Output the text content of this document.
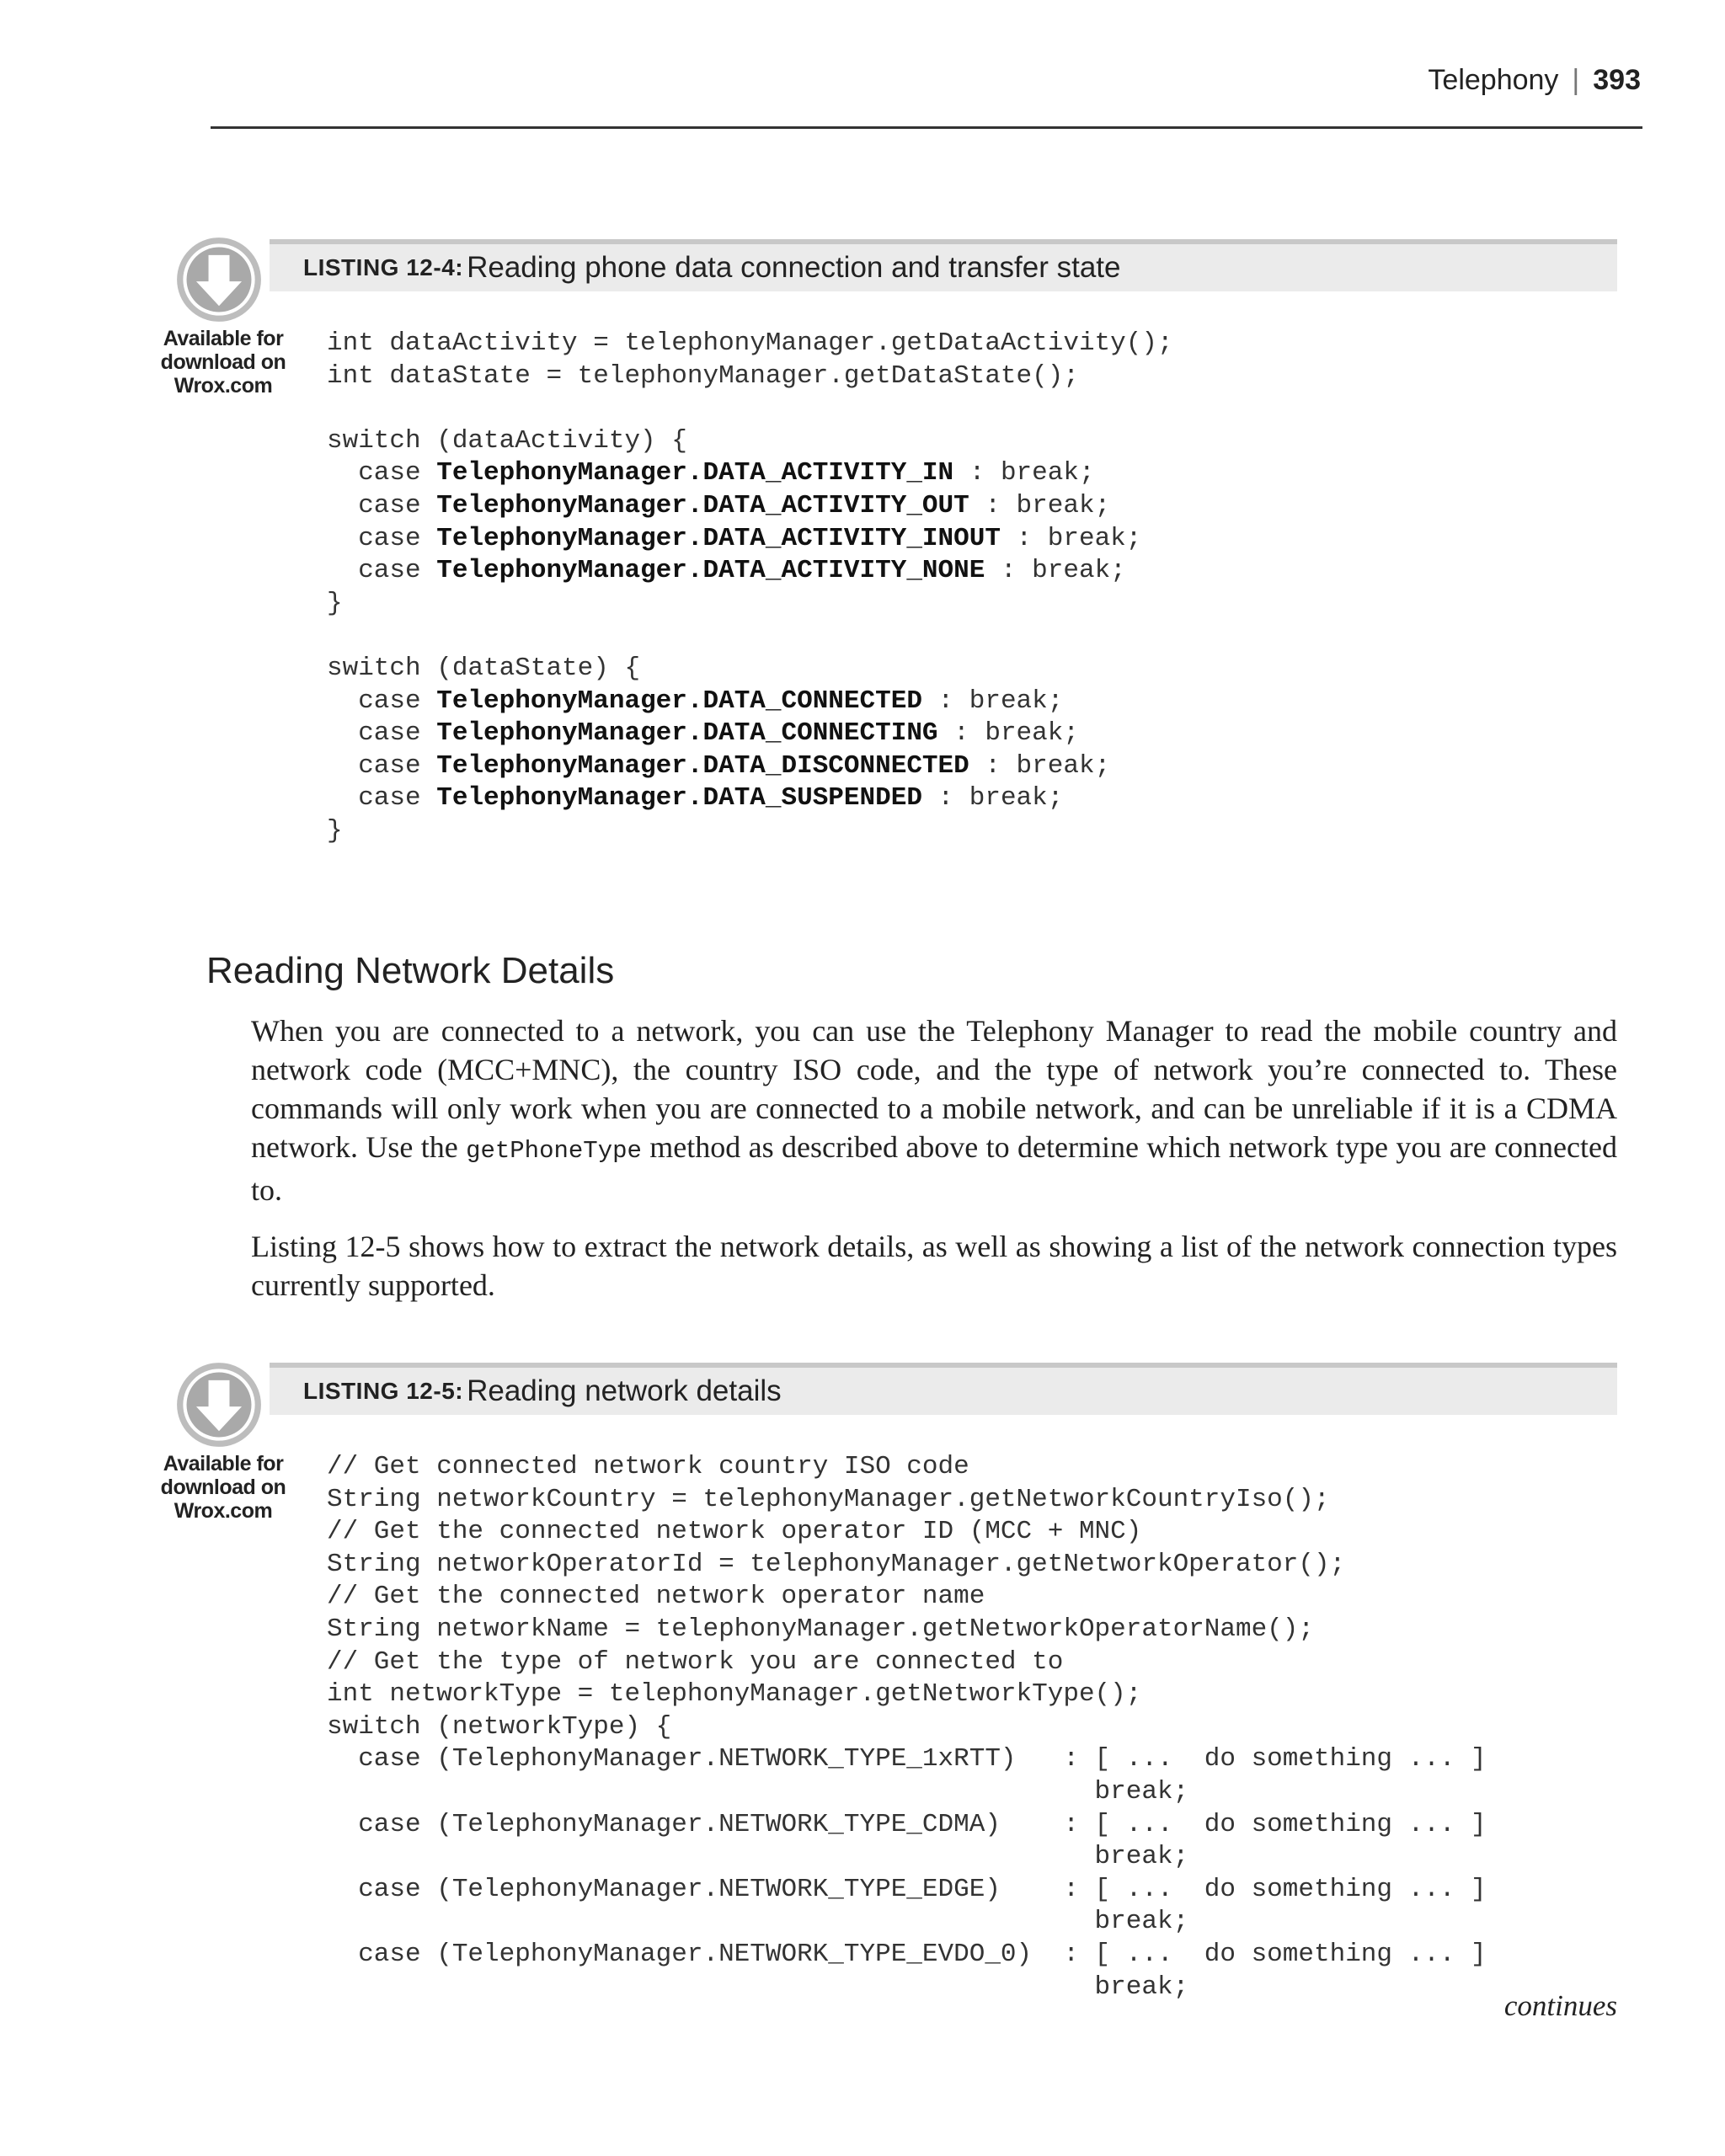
Telephony | 393
Available for
download on
Wrox.com
LISTING 12-4: Reading phone data connection and transfer state
int dataActivity = telephonyManager.getDataActivity();
int dataState = telephonyManager.getDataState();

switch (dataActivity) {
case TelephonyManager.DATA_ACTIVITY_IN : break;
case TelephonyManager.DATA_ACTIVITY_OUT : break;
case TelephonyManager.DATA_ACTIVITY_INOUT : break;
case TelephonyManager.DATA_ACTIVITY_NONE : break;
}

switch (dataState) {
case TelephonyManager.DATA_CONNECTED : break;
case TelephonyManager.DATA_CONNECTING : break;
case TelephonyManager.DATA_DISCONNECTED : break;
case TelephonyManager.DATA_SUSPENDED : break;
}
Reading Network Details

When you are connected to a network, you can use the Telephony Manager to read the mobile country and network code (MCC+MNC), the country ISO code, and the type of network you’re connected to. These commands will only work when you are connected to a mobile network, and can be unreliable if it is a CDMA network. Use the getPhoneType method as described above to determine which network type you are connected to.

Listing 12-5 shows how to extract the network details, as well as showing a list of the network connection types currently supported.

Available for
download on
Wrox.com
LISTING 12-5: Reading network details
// Get connected network country ISO code
String networkCountry = telephonyManager.getNetworkCountryIso();
// Get the connected network operator ID (MCC + MNC)
String networkOperatorId = telephonyManager.getNetworkOperator();
// Get the connected network operator name
String networkName = telephonyManager.getNetworkOperatorName();
// Get the type of network you are connected to
int networkType = telephonyManager.getNetworkType();
switch (networkType) {
case (TelephonyManager.NETWORK_TYPE_1xRTT)   : [ ...  do something ... ]
break;
case (TelephonyManager.NETWORK_TYPE_CDMA)    : [ ...  do something ... ]
break;
case (TelephonyManager.NETWORK_TYPE_EDGE)    : [ ...  do something ... ]
break;
case (TelephonyManager.NETWORK_TYPE_EVDO_0)  : [ ...  do something ... ]
break;
continues
